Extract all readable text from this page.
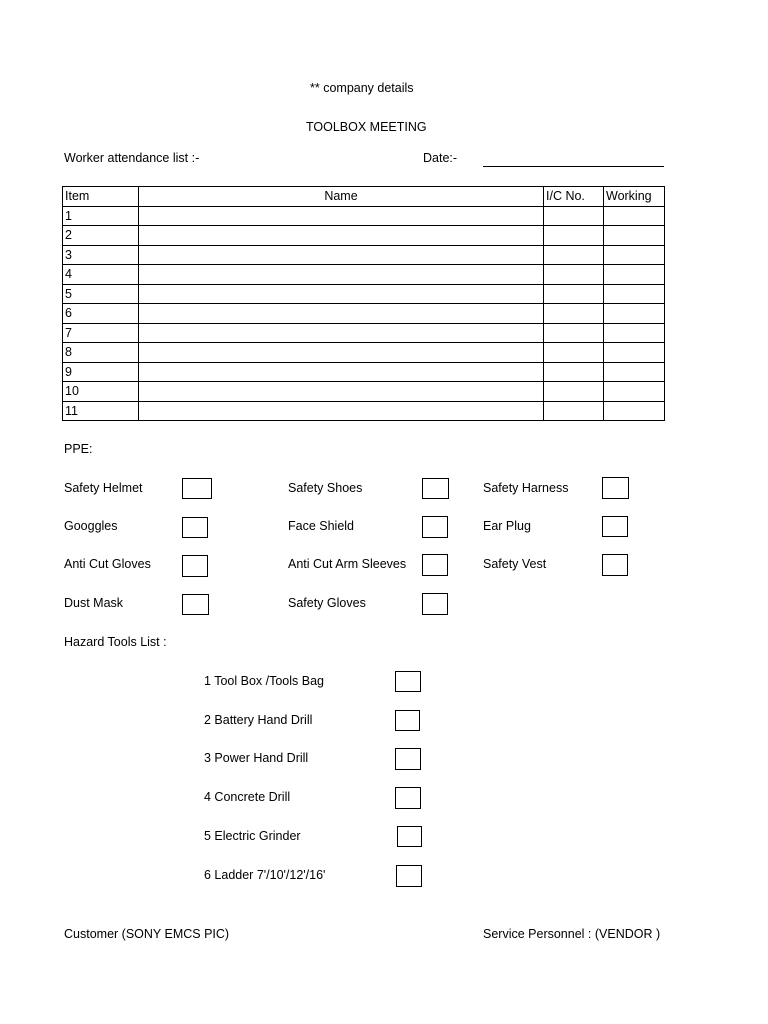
** company details
TOOLBOX MEETING
Worker attendance list :-	Date:-
Item	Name	I/C No.	Working
1			
2			
3			
4			
5			
6			
7			
8			
9			
10			
11			
PPE:
Safety Helmet	Safety Shoes	Safety Harness
Googgles	Face Shield	Ear Plug
Anti Cut Gloves	Anti Cut Arm Sleeves	Safety Vest
Dust Mask	Safety Gloves
Hazard Tools List :
1 Tool Box /Tools Bag
2 Battery Hand Drill
3 Power Hand Drill
4 Concrete Drill
5 Electric Grinder
6 Ladder 7'/10'/12'/16'
Customer (SONY EMCS PIC)	Service Personnel : (VENDOR )
